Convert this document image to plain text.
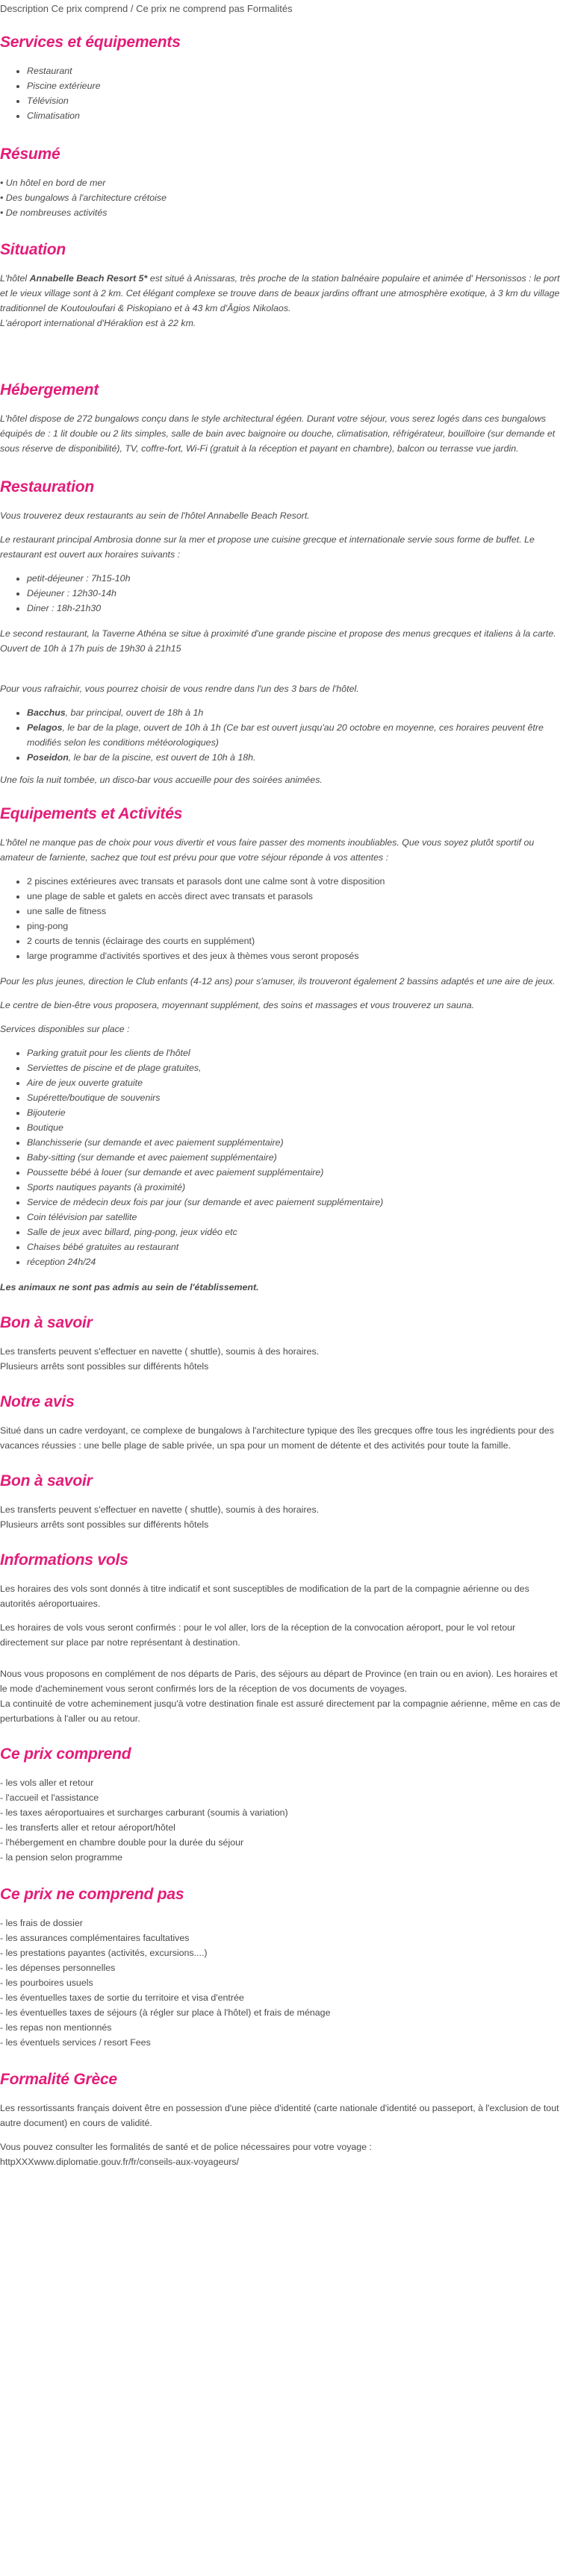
Description Ce prix comprend / Ce prix ne comprend pas Formalités
Services et équipements
• Restaurant
• Piscine extérieure
• Télévision
• Climatisation
Résumé
• Un hôtel en bord de mer
• Des bungalows à l'architecture crétoise
• De nombreuses activités
Situation

L'hôtel Annabelle Beach Resort 5* est situé à Anissaras, très proche de la station balnéaire populaire et animée d' Hersonissos : le port et le vieux village sont à 2 km. Cet élégant complexe se trouve dans de beaux jardins offrant une atmosphère exotique, à 3 km du village traditionnel de Koutouloufari & Piskopiano et à 43 km d'Âgios Nikolaos.
L'aéroport international d'Héraklion est à 22 km.

Hébergement

L'hôtel dispose de 272 bungalows conçu dans le style architectural égéen. Durant votre séjour, vous serez logés dans ces bungalows équipés de : 1 lit double ou 2 lits simples, salle de bain avec baignoire ou douche, climatisation, réfrigérateur, bouilloire (sur demande et sous réserve de disponibilité), TV, coffre-fort, Wi-Fi (gratuit à la réception et payant en chambre), balcon ou terrasse vue jardin.

Restauration

Vous trouverez deux restaurants au sein de l'hôtel Annabelle Beach Resort.

Le restaurant principal Ambrosia donne sur la mer et propose une cuisine grecque et internationale servie sous forme de buffet. Le restaurant est ouvert aux horaires suivants :

• petit-déjeuner : 7h15-10h
• Déjeuner : 12h30-14h
• Diner : 18h-21h30

Le second restaurant, la Taverne Athéna se situe à proximité d'une grande piscine et propose des menus grecques et italiens à la carte. Ouvert de 10h à 17h puis de 19h30 à 21h15

Pour vous rafraichir, vous pourrez choisir de vous rendre dans l'un des 3 bars de l'hôtel.

• Bacchus, bar principal, ouvert de 18h à 1h
• Pelagos, le bar de la plage, ouvert de 10h à 1h (Ce bar est ouvert jusqu'au 20 octobre en moyenne, ces horaires peuvent être modifiés selon les conditions météorologiques)
• Poseidon, le bar de la piscine, est ouvert de 10h à 18h.

Une fois la nuit tombée, un disco-bar vous accueille pour des soirées animées.

Equipements et Activités

L'hôtel ne manque pas de choix pour vous divertir et vous faire passer des moments inoubliables. Que vous soyez plutôt sportif ou amateur de farniente, sachez que tout est prévu pour que votre séjour réponde à vos attentes :

• 2 piscines extérieures avec transats et parasols dont une calme sont à votre disposition
• une plage de sable et galets en accès direct avec transats et parasols
• une salle de fitness
• ping-pong
• 2 courts de tennis (éclairage des courts en supplément)
• large programme d'activités sportives et des jeux à thèmes vous seront proposés

Pour les plus jeunes, direction le Club enfants (4-12 ans) pour s'amuser, ils trouveront également 2 bassins adaptés et une aire de jeux.

Le centre de bien-être vous proposera, moyennant supplément, des soins et massages et vous trouverez un sauna.

Services disponibles sur place :

• Parking gratuit pour les clients de l'hôtel
• Serviettes de piscine et de plage gratuites,
• Aire de jeux ouverte gratuite
• Supérette/boutique de souvenirs
• Bijouterie
• Boutique
• Blanchisserie (sur demande et avec paiement supplémentaire)
• Baby-sitting (sur demande et avec paiement supplémentaire)
• Poussette bébé à louer (sur demande et avec paiement supplémentaire)
• Sports nautiques payants (à proximité)
• Service de médecin deux fois par jour (sur demande et avec paiement supplémentaire)
• Coin télévision par satellite
• Salle de jeux avec billard, ping-pong, jeux vidéo etc
• Chaises bébé gratuites au restaurant
• réception 24h/24

Les animaux ne sont pas admis au sein de l'établissement.

Bon à savoir

Les transferts peuvent s'effectuer en navette ( shuttle), soumis à des horaires.
Plusieurs arrêts sont possibles sur différents hôtels

Notre avis

Situé dans un cadre verdoyant, ce complexe de bungalows à l'architecture typique des îles grecques offre tous les ingrédients pour des vacances réussies : une belle plage de sable privée, un spa pour un moment de détente et des activités pour toute la famille.

Bon à savoir

Les transferts peuvent s'effectuer en navette ( shuttle), soumis à des horaires.
Plusieurs arrêts sont possibles sur différents hôtels

Informations vols

Les horaires des vols sont donnés à titre indicatif et sont susceptibles de modification de la part de la compagnie aérienne ou des autorités aéroportuaires.

Les horaires de vols vous seront confirmés : pour le vol aller, lors de la réception de la convocation aéroport, pour le vol retour directement sur place par notre représentant à destination.

Nous vous proposons en complément de nos départs de Paris, des séjours au départ de Province (en train ou en avion). Les horaires et le mode d'acheminement vous seront confirmés lors de la réception de vos documents de voyages.
La continuité de votre acheminement jusqu'à votre destination finale est assuré directement par la compagnie aérienne, même en cas de perturbations à l'aller ou au retour.

Ce prix comprend
- les vols aller et retour
- l'accueil et l'assistance
- les taxes aéroportuaires et surcharges carburant (soumis à variation)
- les transferts aller et retour aéroport/hôtel
- l'hébergement en chambre double pour la durée du séjour
- la pension selon programme
Ce prix ne comprend pas
- les frais de dossier
- les assurances complémentaires facultatives
- les prestations payantes (activités, excursions....)
- les dépenses personnelles
- les pourboires usuels
- les éventuelles taxes de sortie du territoire et visa d'entrée
- les éventuelles taxes de séjours (à régler sur place à l'hôtel) et frais de ménage
- les repas non mentionnés
- les éventuels services / resort Fees
Formalité Grèce

Les ressortissants français doivent être en possession d'une pièce d'identité (carte nationale d'identité ou passeport, à l'exclusion de tout autre document) en cours de validité.

Vous pouvez consulter les formalités de santé et de police nécessaires pour votre voyage :
httpXXXwww.diplomatie.gouv.fr/fr/conseils-aux-voyageurs/
